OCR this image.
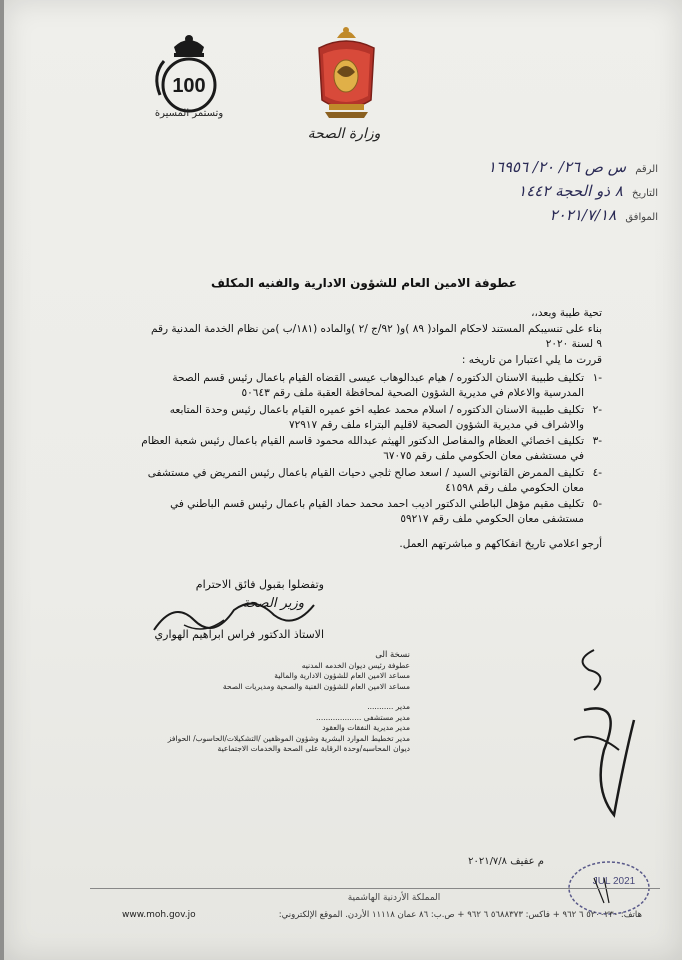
100
وتستمر المسيرة
وزارة الصحة
الرقم س ص ٢٦/ ٢٠/ ١٦٩٥٦
التاريخ ٨ ذو الحجة ١٤٤٢
الموافق ٢٠٢١/٧/١٨
عطوفة الامين العام للشؤون الادارية والفنيه المكلف
تحية طيبة وبعد،،
بناء على تنسيبكم المستند لاحكام المواد( ٨٩ )و( ٩٢/ج /٢ )والماده (١٨١/ب )من نظام الخدمة المدنية رقم
٩ لسنة ٢٠٢٠
قررت ما يلي اعتبارا من تاريخه :
-١تكليف طبيبة الاسنان الدكتوره / هيام عبدالوهاب عيسى القضاه القيام باعمال رئيس قسم الصحة
المدرسية والاعلام في مديرية الشؤون الصحية لمحافظة العقبة ملف رقم ٥٠٦٤٣
-٢تكليف طبيبة الاسنان الدكتوره / اسلام محمد عطيه اخو عميره القيام باعمال رئيس وحدة المتابعه
والاشراف في مديرية الشؤون الصحية لاقليم البتراء ملف رقم ٧٢٩١٧
-٣تكليف اخصائي العظام والمفاصل الدكتور الهيثم عبدالله محمود قاسم القيام باعمال رئيس شعبة العظام
في مستشفى معان الحكومي ملف رقم ٦٧٠٧٥
-٤تكليف الممرض القانوني السيد / اسعد صالح ثلجي دحيات القيام باعمال رئيس التمريض في مستشفى
معان الحكومي ملف رقم ٤١٥٩٨
-٥تكليف مقيم مؤهل الباطني الدكتور اديب احمد محمد حماد القيام باعمال رئيس قسم الباطني في
مستشفى معان الحكومي ملف رقم ٥٩٢١٧
أرجو اعلامي تاريخ انفكاكهم و مباشرتهم العمل.
وتفضلوا بقبول فائق الاحترام
وزير الصحة
الاستاذ الدكتور فراس ابراهيم الهواري
نسخة الى
عطوفة رئيس ديوان الخدمه المدنيه
مساعد الامين العام للشؤون الادارية والمالية
مساعد الامين العام للشؤون الفنية والصحية ومديريات الصحة
مدير ...........
مدير مستشفى ...................
مدير مديرية النفقات والعقود
مدير تخطيط الموارد البشرية وشؤون الموظفين /التشكيلات/الحاسوب/ الحوافز
ديوان المحاسبه/وحدة الرقابة على الصحة والخدمات الاجتماعية
م عفيف ٢٠٢١/٧/٨
JUL 2021
المملكة الأردنية الهاشمية
هاتف: ٥٢٠٠٢٣٠ ٦ ٩٦٢ + فاكس: ٥٦٨٨٣٧٣ ٦ ٩٦٢ + ص.ب: ٨٦ عمان ١١١١٨ الأردن. الموقع الإلكتروني:
www.moh.gov.jo
